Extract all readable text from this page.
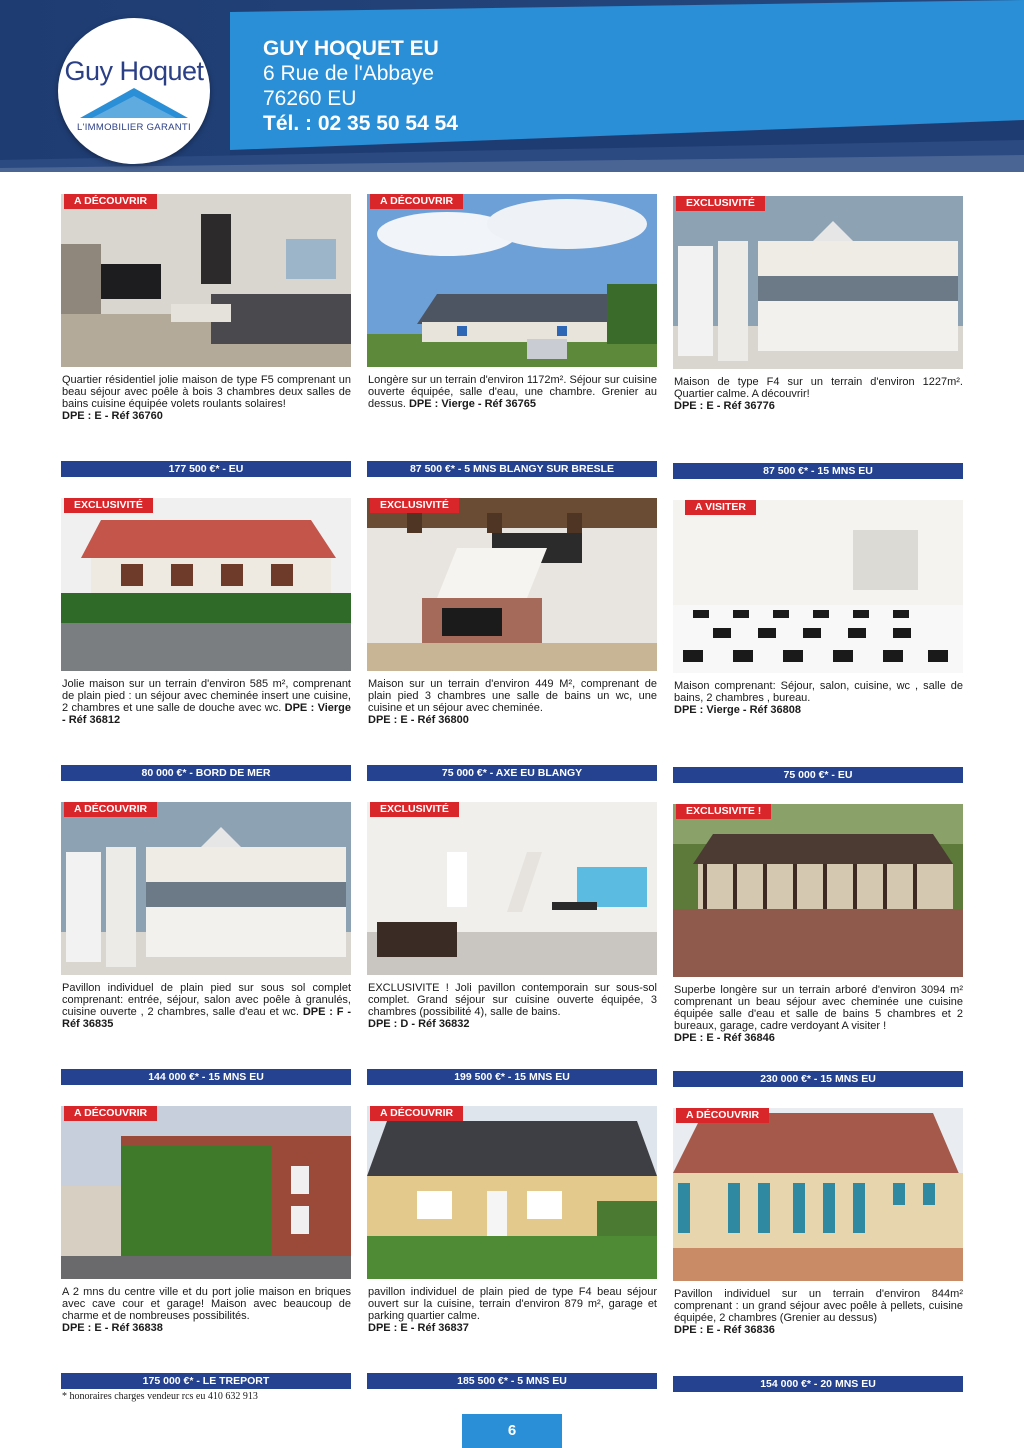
Guy Hoquet
L'IMMOBILIER GARANTI
GUY HOQUET EU
6 Rue de l'Abbaye
76260 EU
Tél. : 02 35 50 54 54
A DÉCOUVRIR
Quartier résidentiel jolie maison de type F5 comprenant un beau séjour avec poêle à bois 3 chambres deux salles de bains cuisine équipée volets roulants solaires!
DPE : E - Réf 36760
177 500 €* - EU
A DÉCOUVRIR
Longère sur un terrain d'environ 1172m². Séjour sur cuisine ouverte équipée, salle d'eau, une chambre. Grenier au dessus. DPE : Vierge - Réf 36765
87 500 €* - 5 MNS BLANGY SUR BRESLE
EXCLUSIVITÉ
Maison de type F4 sur un terrain d'environ 1227m². Quartier calme. A découvrir!
DPE : E - Réf 36776
87 500 €* - 15 MNS EU
EXCLUSIVITÉ
Jolie maison sur un terrain d'environ 585 m², comprenant de plain pied : un séjour avec cheminée insert une cuisine, 2 chambres et une salle de douche avec wc. DPE : Vierge - Réf 36812
80 000 €* - BORD DE MER
EXCLUSIVITÉ
Maison sur un terrain d'environ 449 M², comprenant de plain pied 3 chambres une salle de bains un wc, une cuisine et un séjour avec cheminée.
DPE : E - Réf 36800
75 000 €* - AXE EU BLANGY
A VISITER
Maison comprenant: Séjour, salon, cuisine, wc , salle de bains, 2 chambres , bureau.
DPE : Vierge - Réf 36808
75 000 €* - EU
A DÉCOUVRIR
Pavillon individuel de plain pied sur sous sol complet comprenant: entrée, séjour, salon avec poêle à granulés, cuisine ouverte , 2 chambres, salle d'eau et wc. DPE : F - Réf 36835
144 000 €* - 15 MNS EU
EXCLUSIVITÉ
EXCLUSIVITE ! Joli pavillon contemporain sur sous-sol complet. Grand séjour sur cuisine ouverte équipée, 3 chambres (possibilité 4), salle de bains.
DPE : D - Réf 36832
199 500 €* - 15 MNS EU
EXCLUSIVITE !
Superbe longère sur un terrain arboré d'environ 3094 m² comprenant un beau séjour avec cheminée une cuisine équipée salle d'eau et salle de bains 5 chambres et 2 bureaux, garage, cadre verdoyant A visiter !
DPE : E - Réf 36846
230 000 €* - 15 MNS EU
A DÉCOUVRIR
A 2 mns du centre ville et du port jolie maison en briques avec cave cour et garage! Maison avec beaucoup de charme et de nombreuses possibilités.
DPE : E - Réf 36838
175 000 €* - LE TREPORT
A DÉCOUVRIR
pavillon individuel de plain pied de type F4 beau séjour ouvert sur la cuisine, terrain d'environ 879 m², garage et parking quartier calme.
DPE : E - Réf 36837
185 500 €* - 5 MNS EU
A DÉCOUVRIR
Pavillon individuel sur un terrain d'environ 844m² comprenant : un grand séjour avec poêle à pellets, cuisine équipée, 2 chambres (Grenier au dessus)
DPE : E - Réf 36836
154 000 €* - 20 MNS EU
* honoraires charges vendeur rcs eu 410 632 913
6
